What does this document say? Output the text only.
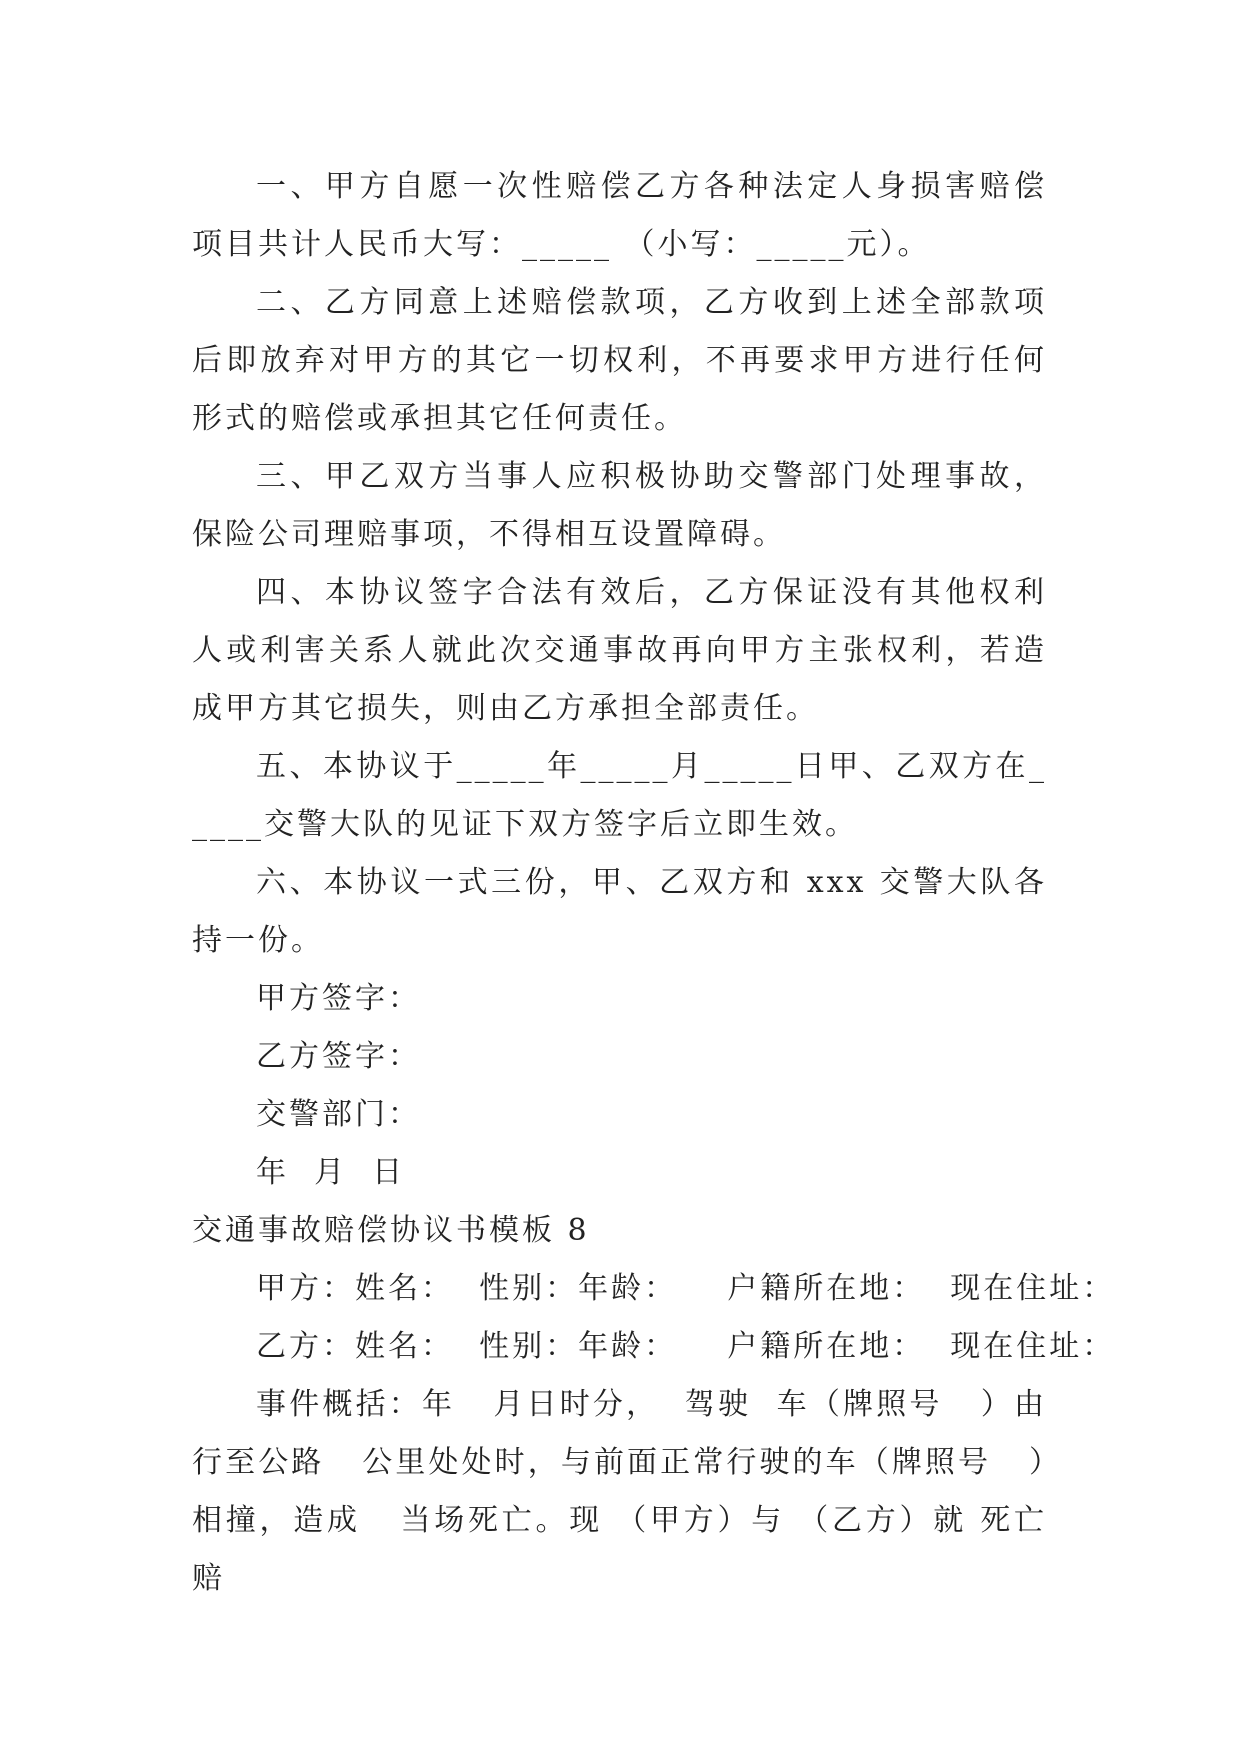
一、甲方自愿一次性赔偿乙方各种法定人身损害赔偿项目共计人民币大写：_____ （小写：_____元）。

二、乙方同意上述赔偿款项，乙方收到上述全部款项后即放弃对甲方的其它一切权利，不再要求甲方进行任何形式的赔偿或承担其它任何责任。

三、甲乙双方当事人应积极协助交警部门处理事故，保险公司理赔事项，不得相互设置障碍。

四、本协议签字合法有效后，乙方保证没有其他权利人或利害关系人就此次交通事故再向甲方主张权利，若造成甲方其它损失，则由乙方承担全部责任。

五、本协议于_____年_____月_____日甲、乙双方在_____交警大队的见证下双方签字后立即生效。

六、本协议一式三份，甲、乙双方和 xxx 交警大队各持一份。

甲方签字：

乙方签字：

交警部门：

年  月  日

交通事故赔偿协议书模板 8

甲方：姓名：  性别：年龄：    户籍所在地：  现在住址：

乙方：姓名：  性别：年龄：    户籍所在地：  现在住址：

事件概括：年   月日时分，  驾驶  车（牌照号   ）由行至公路   公里处处时，与前面正常行驶的车（牌照号   ）相撞，造成   当场死亡。现 （甲方）与 （乙方）就 死亡赔
